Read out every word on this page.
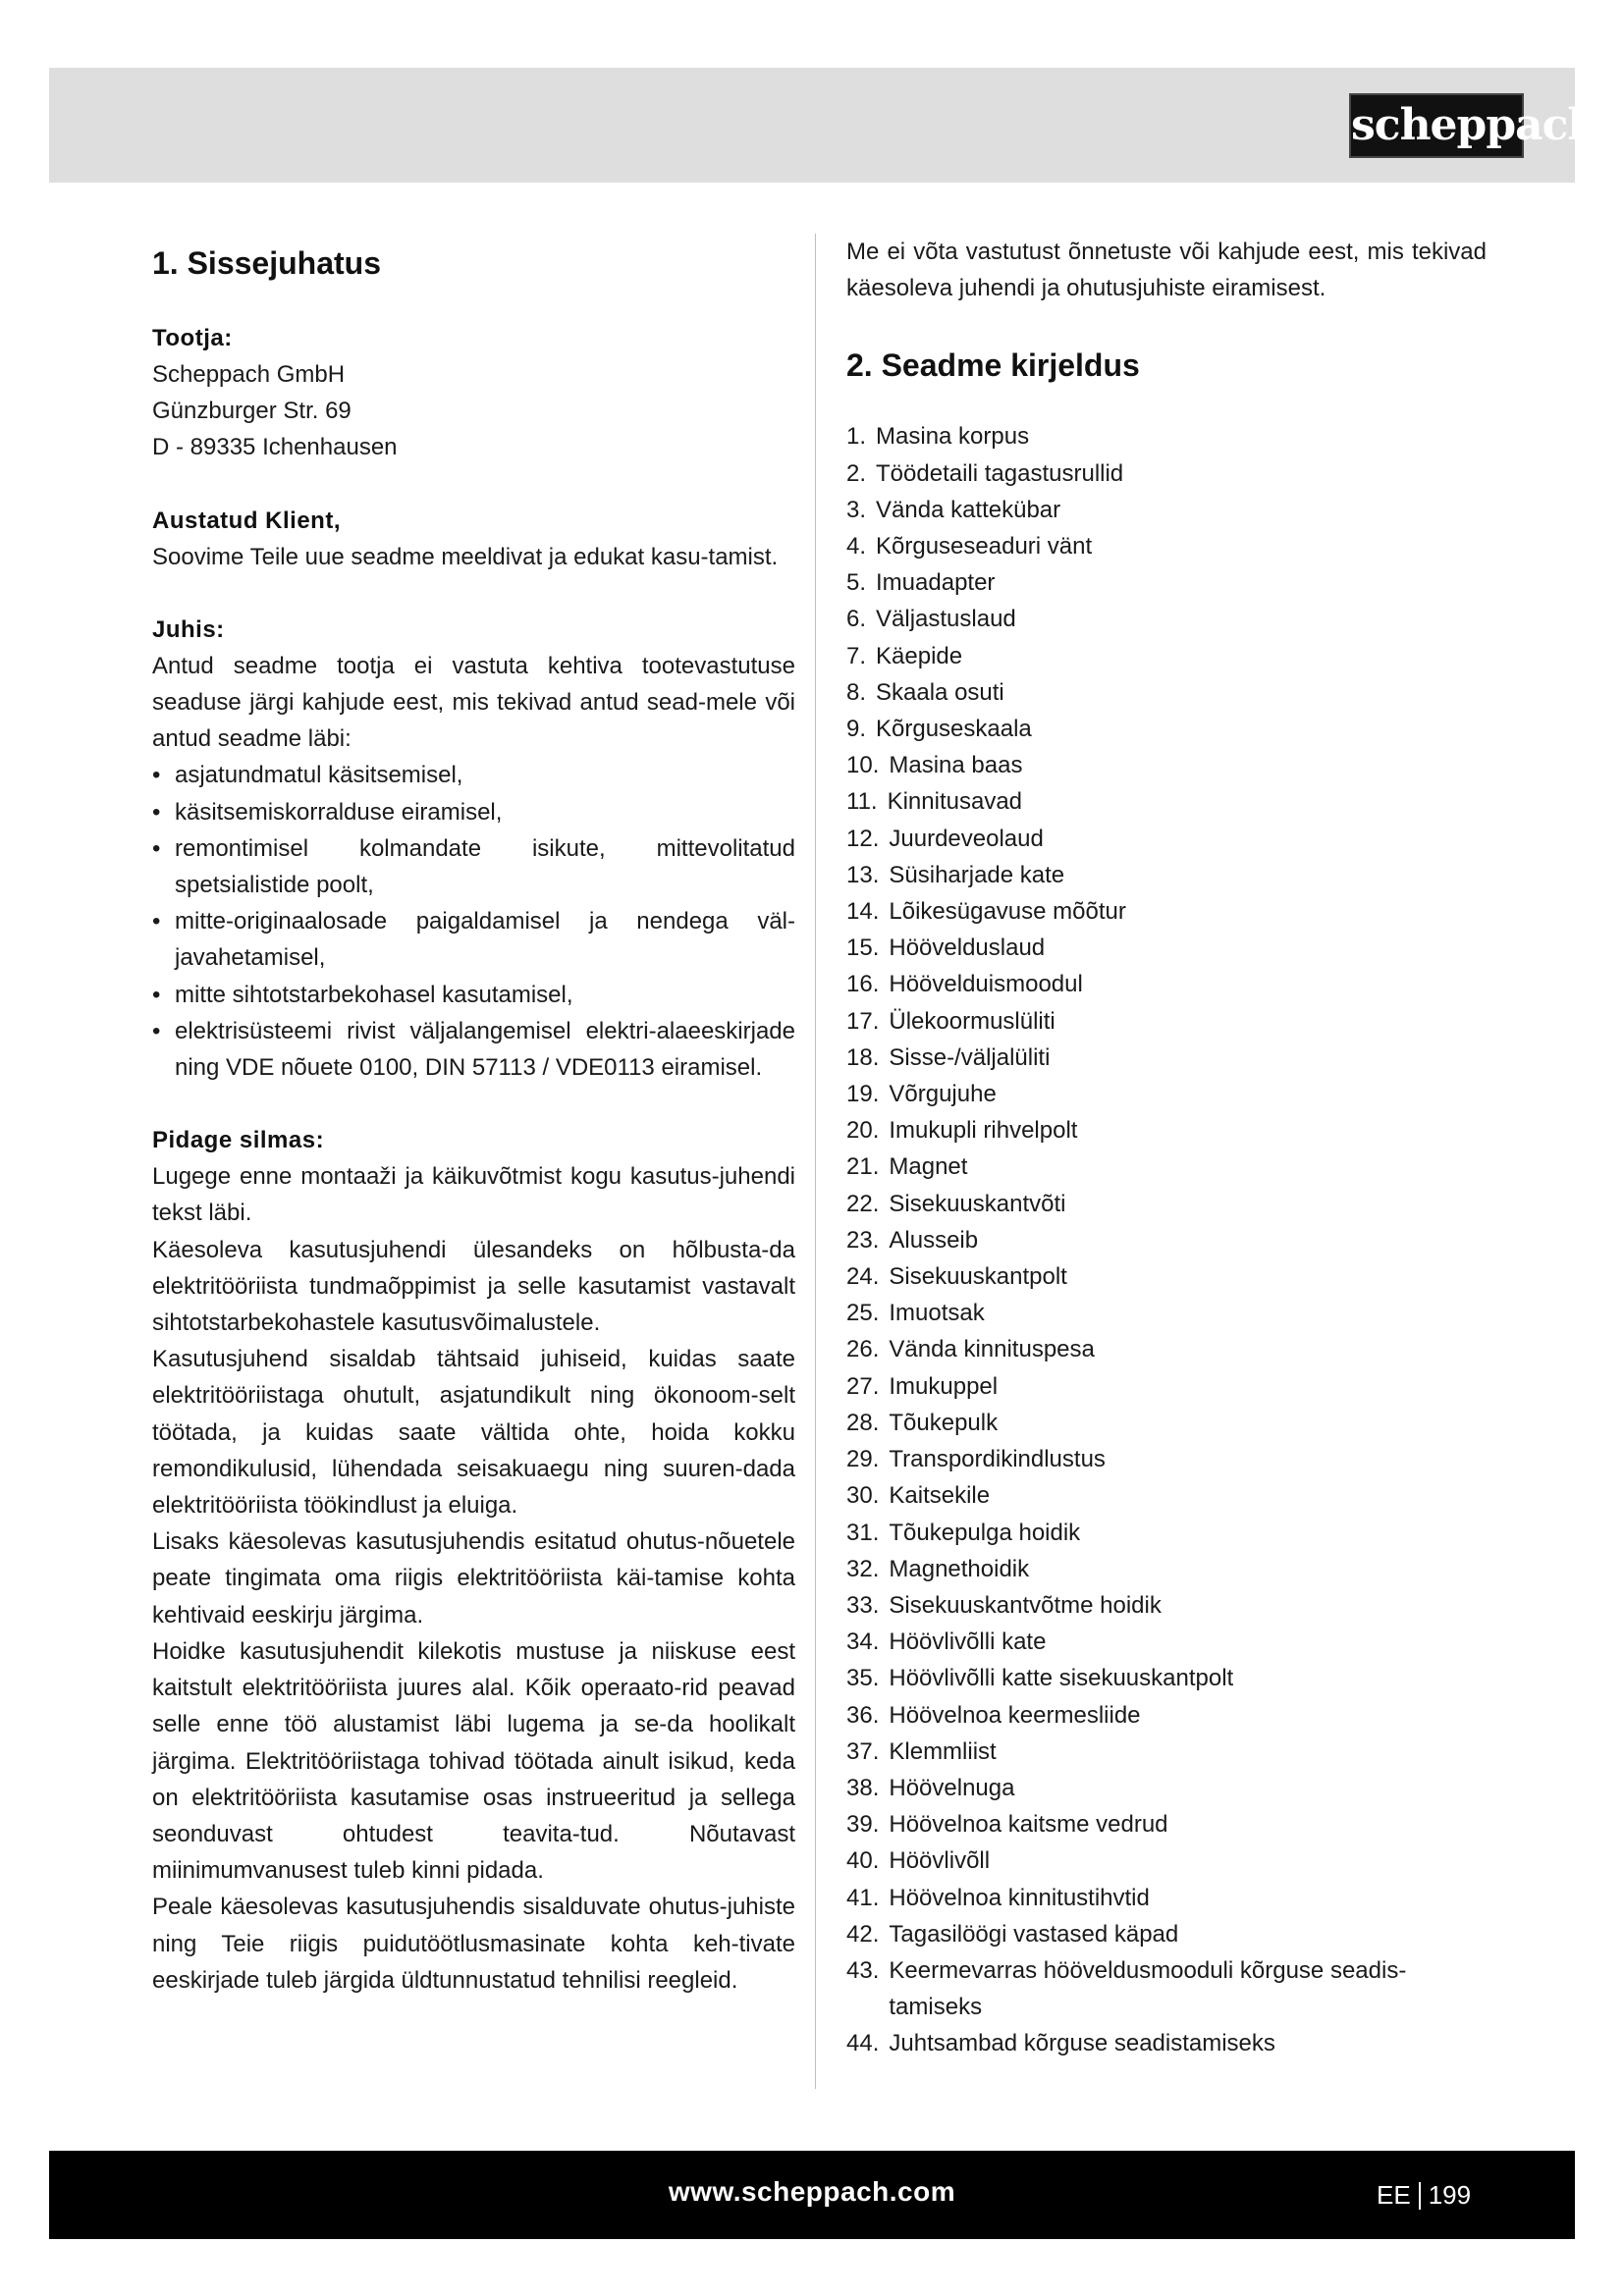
scheppach
1. Sissejuhatus
Tootja:

Scheppach GmbH

Günzburger Str. 69

D - 89335 Ichenhausen

Austatud Klient,

Soovime Teile uue seadme meeldivat ja edukat kasu-tamist.

Juhis:

Antud seadme tootja ei vastuta kehtiva tootevastutuse seaduse järgi kahjude eest, mis tekivad antud sead-mele või antud seadme läbi:

• asjatundmatul käsitsemisel,
• käsitsemiskorralduse eiramisel,
• remontimisel kolmandate isikute, mittevolitatud spetsialistide poolt,
• mitte-originaalosade paigaldamisel ja nendega väl-javahetamisel,
• mitte sihtotstarbekohasel kasutamisel,
• elektrisüsteemi rivist väljalangemisel elektri-alaeeskirjade ning VDE nõuete 0100, DIN 57113 / VDE0113 eiramisel.
Pidage silmas:

Lugege enne montaaži ja käikuvõtmist kogu kasutus-juhendi tekst läbi.

Käesoleva kasutusjuhendi ülesandeks on hõlbusta-da elektritööriista tundmaõppimist ja selle kasutamist vastavalt sihtotstarbekohastele kasutusvõimalustele.

Kasutusjuhend sisaldab tähtsaid juhiseid, kuidas saate elektritööriistaga ohutult, asjatundikult ning ökonoom-selt töötada, ja kuidas saate vältida ohte, hoida kokku remondikulusid, lühendada seisakuaegu ning suuren-dada elektritööriista töökindlust ja eluiga.

Lisaks käesolevas kasutusjuhendis esitatud ohutus-nõuetele peate tingimata oma riigis elektritööriista käi-tamise kohta kehtivaid eeskirju järgima.

Hoidke kasutusjuhendit kilekotis mustuse ja niiskuse eest kaitstult elektritööriista juures alal. Kõik operaato-rid peavad selle enne töö alustamist läbi lugema ja se-da hoolikalt järgima. Elektritööriistaga tohivad töötada ainult isikud, keda on elektritööriista kasutamise osas instrueeritud ja sellega seonduvast ohtudest teavita-tud. Nõutavast miinimumvanusest tuleb kinni pidada.

Peale käesolevas kasutusjuhendis sisalduvate ohutus-juhiste ning Teie riigis puidutöötlusmasinate kohta keh-tivate eeskirjade tuleb järgida üldtunnustatud tehnilisi reegleid.

Me ei võta vastutust õnnetuste või kahjude eest, mis tekivad käesoleva juhendi ja ohutusjuhiste eiramisest.

2. Seadme kirjeldus
1. Masina korpus
2. Töödetaili tagastusrullid
3. Vända kattekübar
4. Kõrguseseaduri vänt
5. Imuadapter
6. Väljastuslaud
7. Käepide
8. Skaala osuti
9. Kõrguseskaala
10. Masina baas
11. Kinnitusavad
12. Juurdeveolaud
13. Süsiharjade kate
14. Lõikesügavuse mõõtur
15. Höövelduslaud
16. Höövelduismoodul
17. Ülekoormuslüliti
18. Sisse-/väljalüliti
19. Võrgujuhe
20. Imukupli rihvelpolt
21. Magnet
22. Sisekuuskantvõti
23. Alusseib
24. Sisekuuskantpolt
25. Imuotsak
26. Vända kinnituspesa
27. Imukuppel
28. Tõukepulk
29. Transpordikindlustus
30. Kaitsekile
31. Tõukepulga hoidik
32. Magnethoidik
33. Sisekuuskantvõtme hoidik
34. Höövlivõlli kate
35. Höövlivõlli katte sisekuuskantpolt
36. Höövelnoa keermesliide
37. Klemmliist
38. Höövelnuga
39. Höövelnoa kaitsme vedrud
40. Höövlivõll
41. Höövelnoa kinnitustihvtid
42. Tagasilöögi vastased käpad
43. Keermevarras hööveldusmooduli kõrguse seadis-tamiseks
44. Juhtsambad kõrguse seadistamiseks
www.scheppach.com	EE 199
